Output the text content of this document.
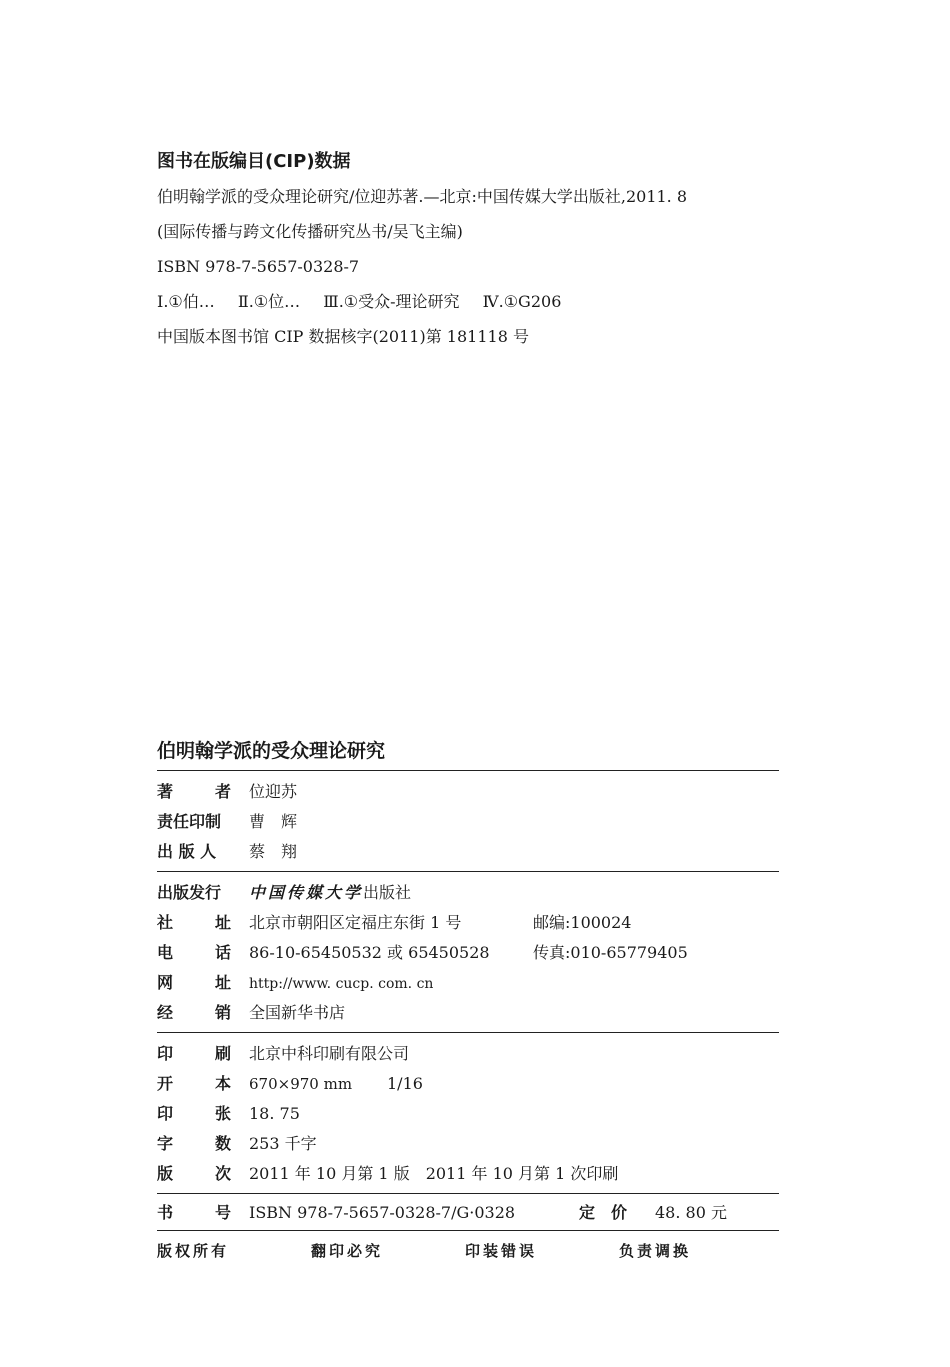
图书在版编目(CIP)数据
伯明翰学派的受众理论研究/位迎苏著.—北京:中国传媒大学出版社,2011. 8
(国际传播与跨文化传播研究丛书/吴飞主编)
ISBN 978-7-5657-0328-7
Ⅰ.①伯… Ⅱ.①位… Ⅲ.①受众-理论研究 Ⅳ.①G206
中国版本图书馆 CIP 数据核字(2011)第 181118 号
伯明翰学派的受众理论研究
著	者 位迎苏
责任印制	曹　辉
出 版 人	蔡　翔
出版发行	中国传媒大学出版社
社	址 北京市朝阳区定福庄东街 1 号	邮编:100024
电	话 86-10-65450532 或 65450528	传真:010-65779405
网	址 http://www. cucp. com. cn
经	销 全国新华书店
印	刷 北京中科印刷有限公司
开	本 670×970 mm	1/16
印	张 18. 75
字	数 253 千字
版	次 2011 年 10 月第 1 版　2011 年 10 月第 1 次印刷
书	号 ISBN 978-7-5657-0328-7/G·0328	定　价	48. 80 元
版权所有	翻印必究	印装错误	负责调换
